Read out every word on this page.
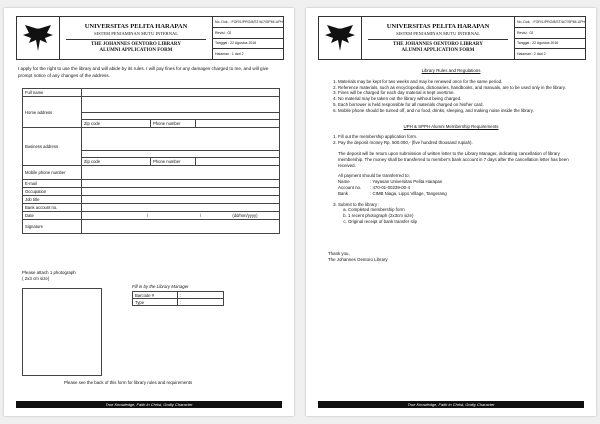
UNIVERSITAS PELITA HARAPAN
SISTEM PENJAMINAN MUTU INTERNAL
THE JOHANNES OENTORO LIBRARY
ALUMNI APPLICATION FORM
No. Dok. : FOR/1/PRO/8/ST/A/7/SPMI-UPH
Revisi : 02
Tanggal : 22 Agustus 2016
Halaman : 1 dari 2
I apply for the right to use the library and will abide by its rules. I will pay fines for any damages charged to me, and will give prompt notice of any changes of the address.
Full name			
Home address			

	Zip code	Phone number	
Business address			

	Zip code	Phone number	
Mobile phone number			
E-mail			
Occupation			
Job title			
Bank account no.			
Date	/ / (dd/mm/yyyy)		
Signature			
Please attach 1 photograph
( 2x3 cm size)
Fill in by the Library Manager
Barcode #	:
Type	:
Please see the back of this form for library rules and requirements
True Knowledge, Faith in Christ, Godly Character
UNIVERSITAS PELITA HARAPAN
SISTEM PENJAMINAN MUTU INTERNAL
THE JOHANNES OENTORO LIBRARY
ALUMNI APPLICATION FORM
No. Dok. : FOR/1/PRO/8/ST/A/7/SPMI-UPH
Revisi : 02
Tanggal : 22 Agustus 2016
Halaman : 2 dari 2
Library Rules and Regulations
1. Materials may be kept for two weeks and may be renewed once for the same period.
2. Reference materials, such as encyclopedias, dictionaries, handbooks, and manuals, are to be used only in the library.
3. Fines will be charged for each day material is kept overtime.
4. No material may be taken out the library without being charged.
5. Each borrower is held responsible for all materials charged on his/her card.
6. Mobile phone should be turned off, and no food, drinks, sleeping, and making noise inside the library.
UPH & SPPH Alumni Membership Requirements
1. Fill out the membership application form.
2. Pay the deposit money Rp. 500.000,- (five hundred thousand rupiah).
The deposit will be return upon submission of written letter to the Library Manager, indicating cancellation of library membership. The money shall be transferred to member's bank account in 7 days after the cancellation letter has been received.
All payment should be transferred to:
Name	: Yayasan Universitas Pelita Harapan
Account no.	: 470-01-00239-00-4
Bank	: CIMB Niaga, Lippo Village, Tangerang
3. Submit to the library :
a. Completed membership form
b. 1 recent photograph (2x3cm size)
c. Original receipt of bank transfer slip
Thank you,
The Johannes Oentoro Library
True Knowledge, Faith in Christ, Godly Character
